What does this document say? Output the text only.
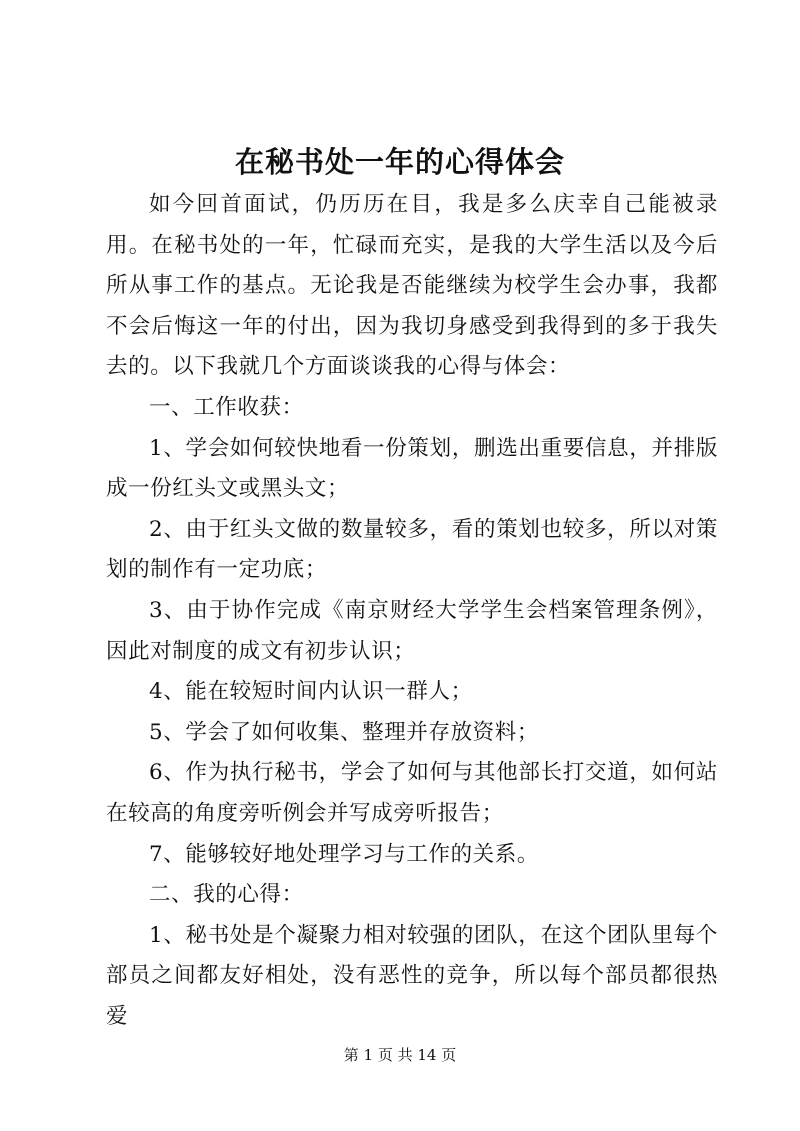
在秘书处一年的心得体会

如今回首面试，仍历历在目，我是多么庆幸自己能被录用。在秘书处的一年，忙碌而充实，是我的大学生活以及今后所从事工作的基点。无论我是否能继续为校学生会办事，我都不会后悔这一年的付出，因为我切身感受到我得到的多于我失去的。以下我就几个方面谈谈我的心得与体会：

一、工作收获：

1、学会如何较快地看一份策划，删选出重要信息，并排版成一份红头文或黑头文；

2、由于红头文做的数量较多，看的策划也较多，所以对策划的制作有一定功底；

3、由于协作完成《南京财经大学学生会档案管理条例》，因此对制度的成文有初步认识；

4、能在较短时间内认识一群人；

5、学会了如何收集、整理并存放资料；

6、作为执行秘书，学会了如何与其他部长打交道，如何站在较高的角度旁听例会并写成旁听报告；

7、能够较好地处理学习与工作的关系。

二、我的心得：

1、秘书处是个凝聚力相对较强的团队，在这个团队里每个部员之间都友好相处，没有恶性的竞争，所以每个部员都很热爱

第 1 页 共 14 页
